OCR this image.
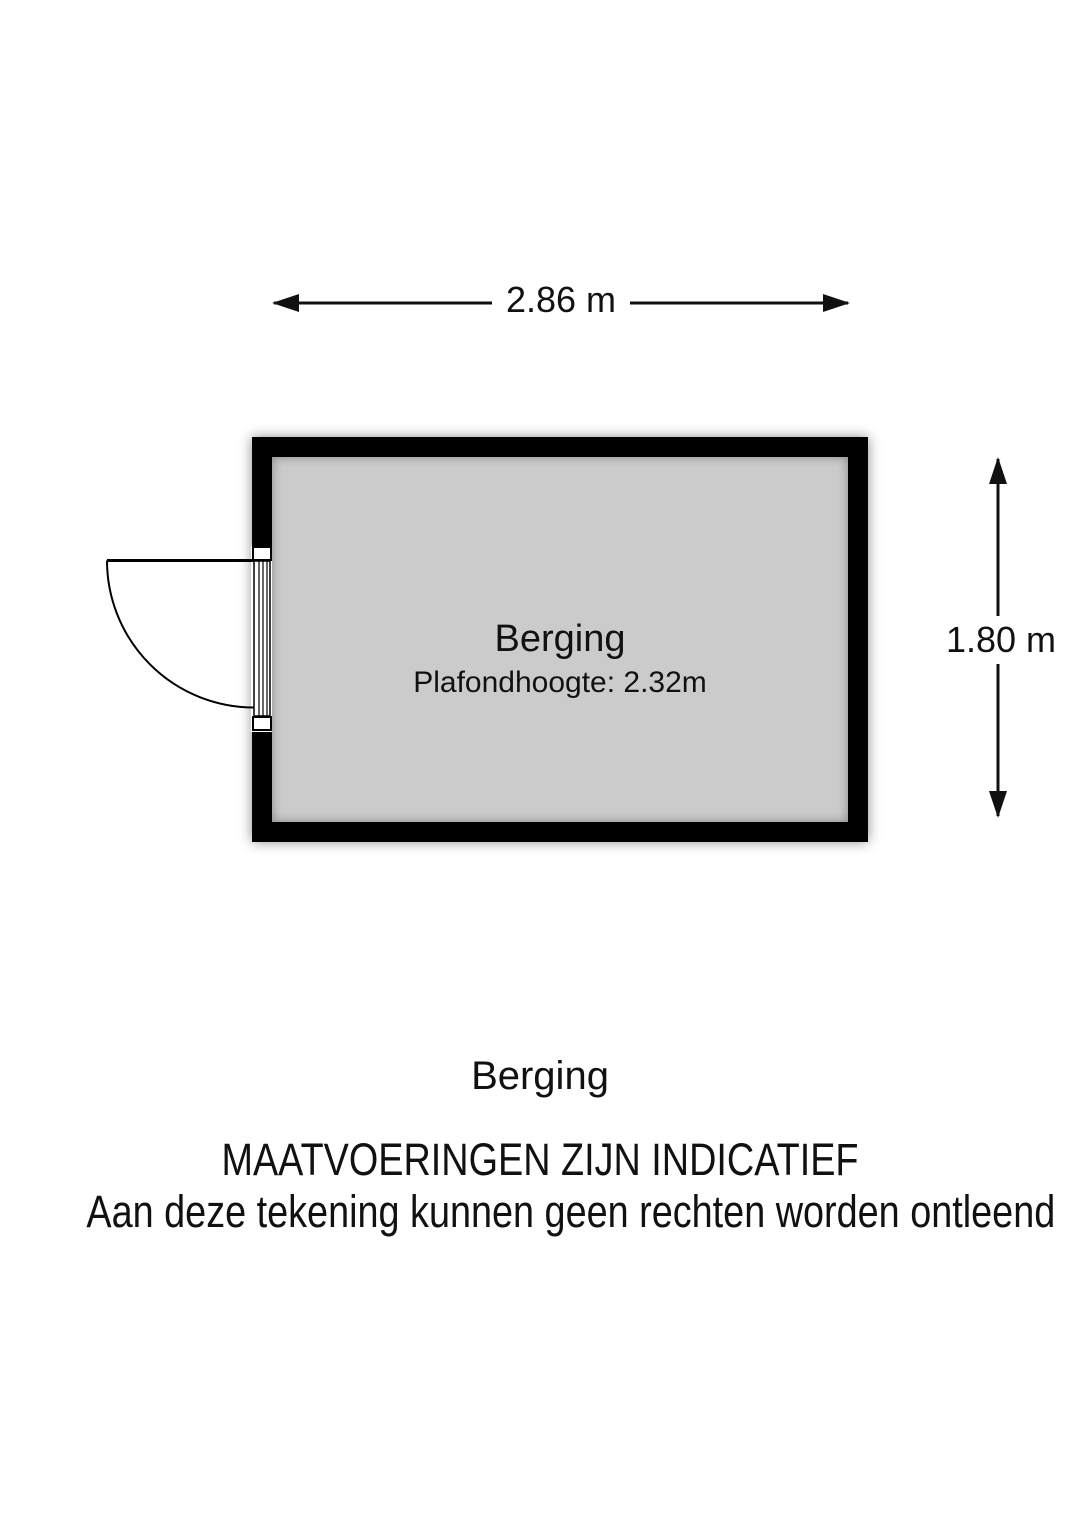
2.86 m
1.80 m
Berging
Plafondhoogte: 2.32m
Berging
MAATVOERINGEN ZIJN INDICATIEF
Aan deze tekening kunnen geen rechten worden ontleend
